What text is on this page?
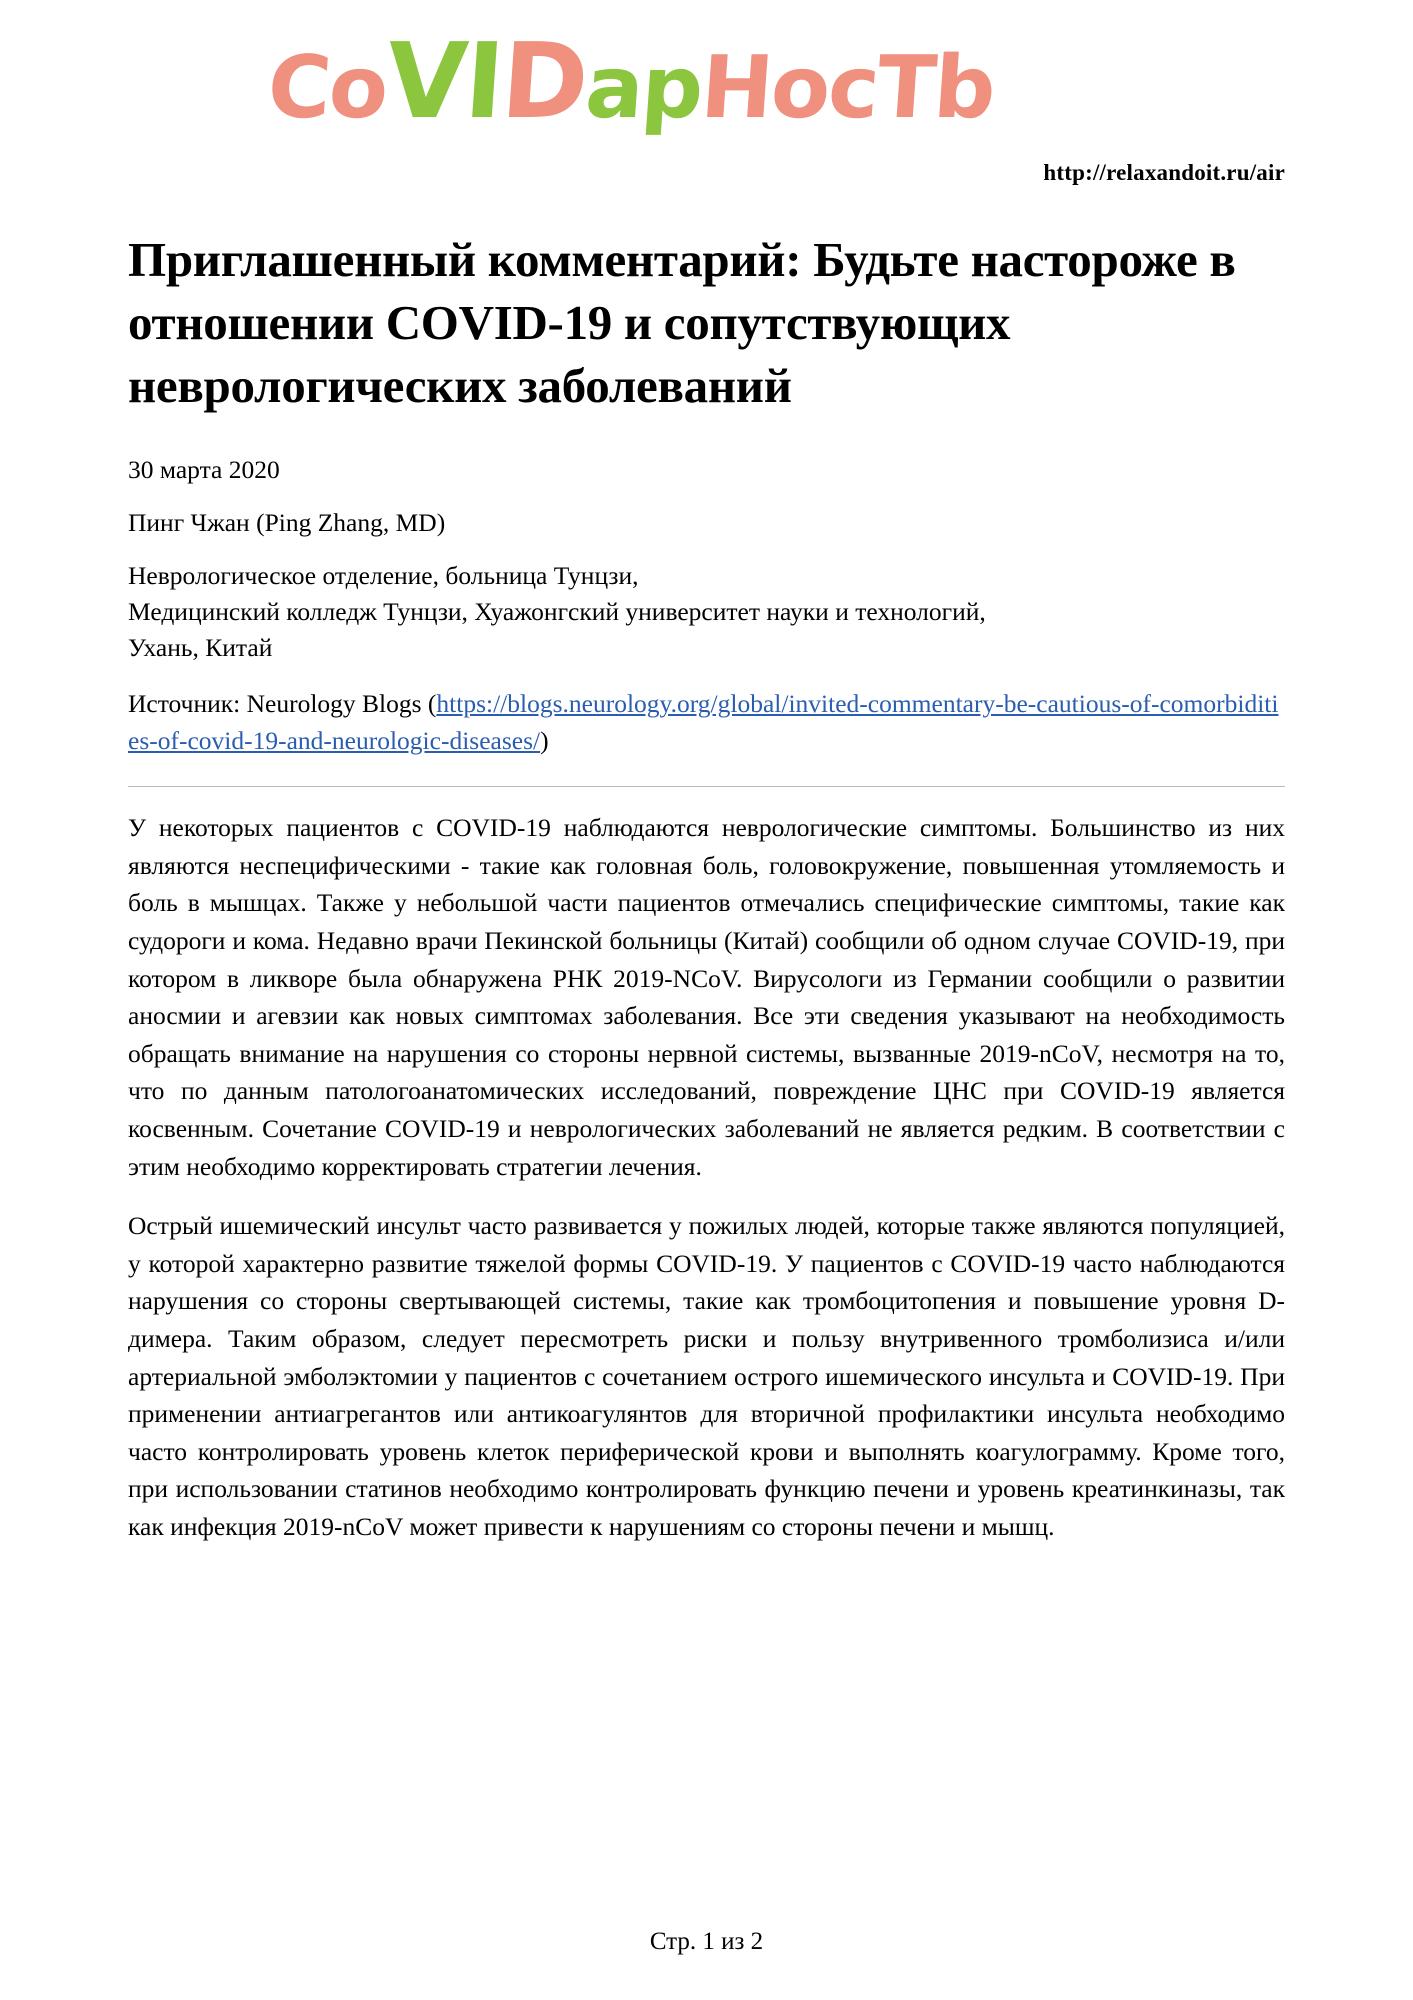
CoVIDapHocTb
http://relaxandoit.ru/air
Приглашенный комментарий: Будьте настороже в отношении COVID-19 и сопутствующих неврологических заболеваний
30 марта 2020
Пинг Чжан (Ping Zhang, MD)
Неврологическое отделение, больница Тунцзи,
Медицинский колледж Тунцзи, Хуажонгский университет науки и технологий,
Ухань, Китай
Источник: Neurology Blogs (https://blogs.neurology.org/global/invited-commentary-be-cautious-of-comorbidities-of-covid-19-and-neurologic-diseases/)

У некоторых пациентов с COVID-19 наблюдаются неврологические симптомы. Большинство из них являются неспецифическими - такие как головная боль, головокружение, повышенная утомляемость и боль в мышцах. Также у небольшой части пациентов отмечались специфические симптомы, такие как судороги и кома. Недавно врачи Пекинской больницы (Китай) сообщили об одном случае COVID-19, при котором в ликворе была обнаружена РНК 2019-NCoV. Вирусологи из Германии сообщили о развитии аносмии и агевзии как новых симптомах заболевания. Все эти сведения указывают на необходимость обращать внимание на нарушения со стороны нервной системы, вызванные 2019-nCoV, несмотря на то, что по данным патологоанатомических исследований, повреждение ЦНС при COVID-19 является косвенным. Сочетание COVID-19 и неврологических заболеваний не является редким. В соответствии с этим необходимо корректировать стратегии лечения.

Острый ишемический инсульт часто развивается у пожилых людей, которые также являются популяцией, у которой характерно развитие тяжелой формы COVID-19. У пациентов с COVID-19 часто наблюдаются нарушения со стороны свертывающей системы, такие как тромбоцитопения и повышение уровня D-димера. Таким образом, следует пересмотреть риски и пользу внутривенного тромболизиса и/или артериальной эмболэктомии у пациентов с сочетанием острого ишемического инсульта и COVID-19. При применении антиагрегантов или антикоагулянтов для вторичной профилактики инсульта необходимо часто контролировать уровень клеток периферической крови и выполнять коагулограмму. Кроме того, при использовании статинов необходимо контролировать функцию печени и уровень креатинкиназы, так как инфекция 2019-nCoV может привести к нарушениям со стороны печени и мышц.

Стр. 1 из 2
